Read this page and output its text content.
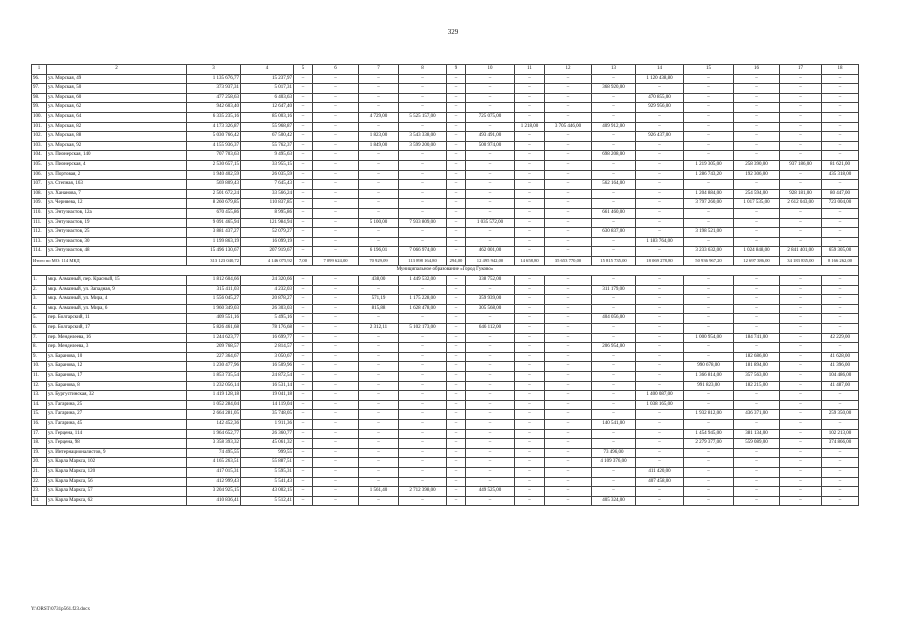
329
1	2	3	4	5	6	7	8	9	10	11	12	13	14	15	16	17	18
96.	ул. Морская, 49	1 135 676,77	15 237,97	–	–	–	–	–	–	–	–	–	1 120 438,80	–	–	–	–
97.	ул. Морская, 50	373 937,31	5 017,31	–	–	–	–	–	–	–	–	368 920,00	–	–	–	–	–
98.	ул. Морская, 60	477 258,63	6 403,63	–	–	–	–	–	–	–	–	–	470 855,00	–	–	–	–
99.	ул. Морская, 62	942 603,40	12 647,40	–	–	–	–	–	–	–	–	–	929 956,00	–	–	–	–
100.	ул. Морская, 64	6 335 235,16	85 003,16	–	–	4 729,00	5 525 157,00	–	725 075,00	–	–	–	–	–	–	–	–
101.	ул. Морская, 82	4 173 326,87	55 968,87	–	–	–	–	–	–	1 218,00	3 705 446,00	409 912,00	–	–	–	–	–
102.	ул. Морская, 88	5 030 766,42	67 500,42	–	–	1 823,00	3 543 338,00	–	493 491,00	–	–	–	926 437,00	–	–	–	–
103.	ул. Морская, 92	4 155 936,37	55 762,37	–	–	1 849,00	3 599 200,00	–	500 974,00	–	–	–	–	–	–	–	–
104.	ул. Пионерская, 140	707 703,63	9 495,63	–	–	–	–	–	–	–	–	698 208,00	–	–	–	–	–
105.	ул. Пионерская, 4	2 530 657,15	33 955,15	–	–	–	–	–	–	–	–	–	–	1 219 305,00	258 390,00	937 186,00	81 621,00
106.	ул. Портовая, 2	1 940 402,59	26 035,59	–	–	–	–	–	–	–	–	–	–	1 286 743,20	192 306,00	–	435 318,00
107.	ул. Степная, 163	569 809,43	7 645,43	–	–	–	–	–	–	–	–	562 164,00	–	–	–	–	–
108.	ул. Хананова, 7	2 501 672,24	33 566,24	–	–	–	–	–	–	–	–	–	–	1 204 884,00	254 594,00	928 181,00	80 447,00
109.	ул. Черняева, 12	8 260 679,85	110 837,85	–	–	–	–	–	–	–	–	–	–	3 797 260,00	1 017 535,00	2 612 043,00	723 004,00
110.	ул. Энтузиастов, 12а	670 455,86	8 995,86	–	–	–	–	–	–	–	–	661 460,00	–	–	–	–	–
111.	ул. Энтузиастов, 19	9 091 465,94	121 984,94	–	–	5 100,00	7 933 809,00	–	1 035 572,00	–	–	–	–	–	–	–	–
112.	ул. Энтузиастов, 25	3 881 437,27	52 079,27	–	–	–	–	–	–	–	–	630 837,00	–	3 198 521,00	–	–	–
113.	ул. Энтузиастов, 30	1 199 863,19	16 099,19	–	–	–	–	–	–	–	–	–	1 183 764,00	–	–	–	–
114.	ул. Энтузиастов, 48	15 496 130,67	207 919,67	–	–	6 196,01	7 066 974,00	–	462 001,00	–	–	–	–	3 233 632,00	1 024 848,00	2 841 401,00	659 305,00
Итого по МО: 114 МКД		313 123 040,72	4 146 075,92	7,00	7 099 624,00	70 929,09	113 898 164,80	294,00	12 495 942,00	14 658,80	35 653 770,00	15 815 735,00	18 069 278,80	50 936 967,20	12 697 386,00	34 183 835,00	8 166 262,00
Муниципальное образование «Город Гуково»																	
1.	мкр. Алмазный, пер. Красный, 15	1 812 604,66	24 320,66	–	–	438,00	1 449 532,00	–	338 752,00	–	–	–	–	–	–	–	–
2.	мкр. Алмазный, ул. Западная, 9	315 411,03	4 232,03	–	–	–	–	–	–	–	–	311 179,00	–	–	–	–	–
3.	мкр. Алмазный, ул. Мира, 4	1 556 045,27	20 878,27	–	–	571,19	1 175 228,00	–	359 939,00	–	–	–	–	–	–	–	–
4.	мкр. Алмазный, ул. Мира, 6	1 960 349,03	26 303,03	–	–	815,88	1 628 478,00	–	305 568,00	–	–	–	–	–	–	–	–
5.	пер. Болгарский, 11	409 551,16	5 495,16	–	–	–	–	–	–	–	–	404 056,00	–	–	–	–	–
6.	пер. Болгарский, 17	5 826 461,68	78 176,68	–	–	2 312,11	5 102 173,00	–	646 112,00	–	–	–	–	–	–	–	–
7.	пер. Менделеева, 16	1 244 623,77	16 699,77	–	–	–	–	–	–	–	–	–	–	1 000 954,00	184 741,00	–	42 229,00
8.	пер. Менделеева, 3	209 768,57	2 814,57	–	–	–	–	–	–	–	–	206 954,00	–	–	–	–	–
9.	ул. Баранова, 10	227 364,67	3 050,67	–	–	–	–	–	–	–	–	–	–	–	182 686,00	–	41 628,00
10.	ул. Баранова, 12	1 230 477,96	16 509,96	–	–	–	–	–	–	–	–	–	–	990 678,00	181 894,00	–	41 396,00
11.	ул. Баранова, 17	1 853 735,54	24 872,54	–	–	–	–	–	–	–	–	–	–	1 366 814,00	357 563,00	–	104 486,00
12.	ул. Баранова, 8	1 232 056,14	16 531,14	–	–	–	–	–	–	–	–	–	–	991 823,00	182 215,00	–	41 487,00
13.	ул. Бургустинская, 32	1 419 128,18	19 041,18	–	–	–	–	–	–	–	–	–	1 400 087,00	–	–	–	–
14.	ул. Гагарина, 25	1 052 284,04	14 119,04	–	–	–	–	–	–	–	–	–	1 038 165,00	–	–	–	–
15.	ул. Гагарина, 27	2 664 281,05	35 748,05	–	–	–	–	–	–	–	–	–	–	1 932 812,00	436 371,00	–	259 350,00
16.	ул. Гагарина, 45	142 452,36	1 911,36	–	–	–	–	–	–	–	–	140 541,00	–	–	–	–	–
17.	ул. Герцена, 114	1 964 652,77	26 360,77	–	–	–	–	–	–	–	–	–	–	1 454 945,00	381 134,00	–	102 213,00
18.	ул. Герцена, 98	3 358 393,32	45 061,32	–	–	–	–	–	–	–	–	–	–	2 279 377,00	559 089,00	–	374 866,00
19.	ул. Интернационалистов, 9	74 495,55	999,55	–	–	–	–	–	–	–	–	73 496,00	–	–	–	–	–
20.	ул. Карла Маркса, 102	4 165 263,51	55 887,51	–	–	–	–	–	–	–	–	4 109 376,00	–	–	–	–	–
21.	ул. Карла Маркса, 120	417 015,31	5 595,31	–	–	–	–	–	–	–	–	–	411 420,00	–	–	–	–
22.	ул. Карла Маркса, 56	412 999,43	5 541,43	–	–	–	–	–	–	–	–	–	407 458,00	–	–	–	–
23.	ул. Карла Маркса, 57	3 204 925,15	43 002,15	–	–	1 561,40	2 712 398,00	–	449 525,00	–	–	–	–	–	–	–	–
24.	ул. Карла Маркса, 62	410 836,41	5 512,41	–	–	–	–	–	–	–	–	405 324,00	–	–	–	–	–
Y:\ORST\0731p561.f23.docx
